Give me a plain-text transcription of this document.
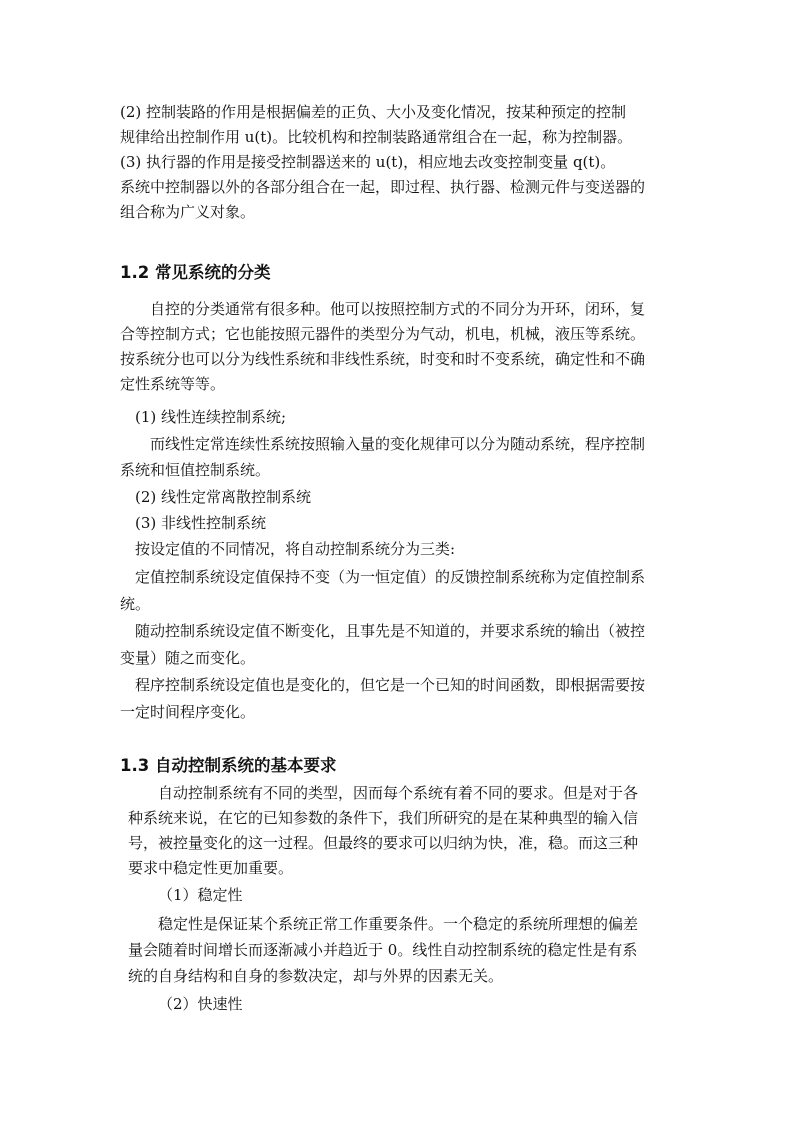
(2) 控制装路的作用是根据偏差的正负、大小及变化情况，按某种预定的控制
规律给出控制作用 u(t)。比较机构和控制装路通常组合在一起，称为控制器。
(3) 执行器的作用是接受控制器送来的 u(t)，相应地去改变控制变量 q(t)。
系统中控制器以外的各部分组合在一起，即过程、执行器、检测元件与变送器的
组合称为广义对象。
1.2 常见系统的分类
自控的分类通常有很多种。他可以按照控制方式的不同分为开环，闭环，复
合等控制方式；它也能按照元器件的类型分为气动，机电，机械，液压等系统。
按系统分也可以分为线性系统和非线性系统，时变和时不变系统，确定性和不确
定性系统等等。
(1) 线性连续控制系统;
而线性定常连续性系统按照输入量的变化规律可以分为随动系统，程序控制
系统和恒值控制系统。
(2) 线性定常离散控制系统
(3) 非线性控制系统
按设定值的不同情况，将自动控制系统分为三类:
定值控制系统设定值保持不变（为一恒定值）的反馈控制系统称为定值控制系
统。
随动控制系统设定值不断变化，且事先是不知道的，并要求系统的输出（被控
变量）随之而变化。
程序控制系统设定值也是变化的，但它是一个已知的时间函数，即根据需要按
一定时间程序变化。
1.3 自动控制系统的基本要求
自动控制系统有不同的类型，因而每个系统有着不同的要求。但是对于各
种系统来说，在它的已知参数的条件下，我们所研究的是在某种典型的输入信
号，被控量变化的这一过程。但最终的要求可以归纳为快，准，稳。而这三种
要求中稳定性更加重要。
（1）稳定性
稳定性是保证某个系统正常工作重要条件。一个稳定的系统所理想的偏差
量会随着时间增长而逐渐减小并趋近于 0。线性自动控制系统的稳定性是有系
统的自身结构和自身的参数决定，却与外界的因素无关。
（2）快速性
